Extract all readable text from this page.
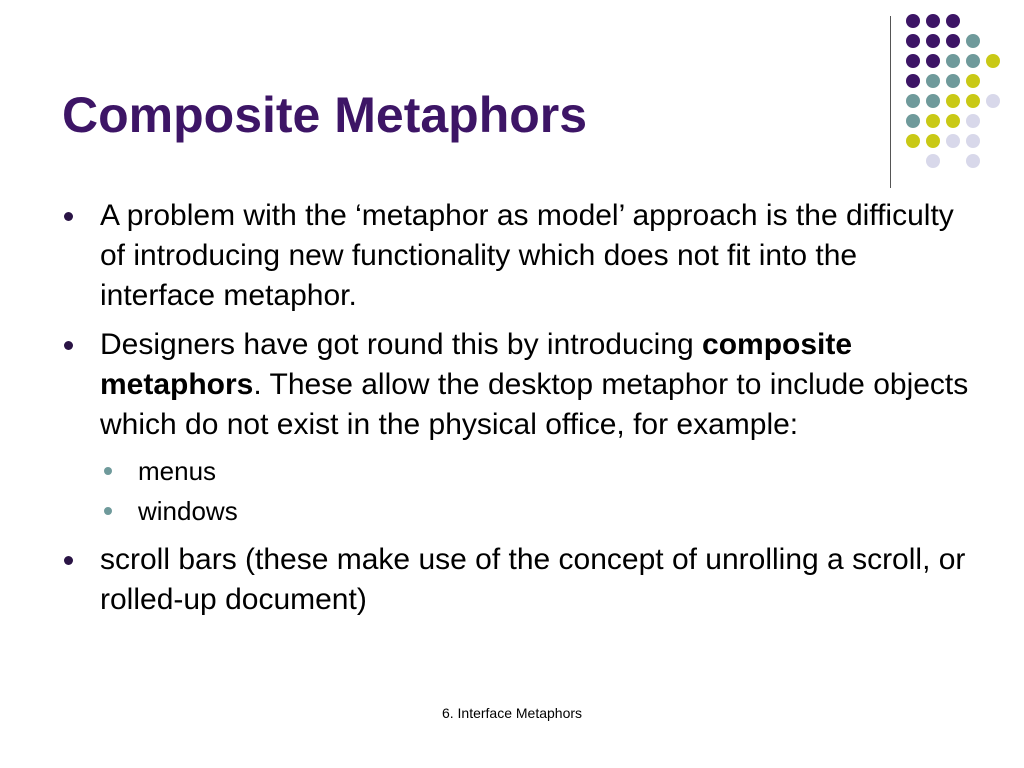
Composite Metaphors
A problem with the ‘metaphor as model’ approach is the difficulty of introducing new functionality which does not fit into the interface metaphor.
Designers have got round this by introducing composite metaphors. These allow the desktop metaphor to include objects which do not exist in the physical office, for example:
menus
windows
scroll bars (these make use of the concept of unrolling a scroll, or rolled-up document)
6. Interface Metaphors
